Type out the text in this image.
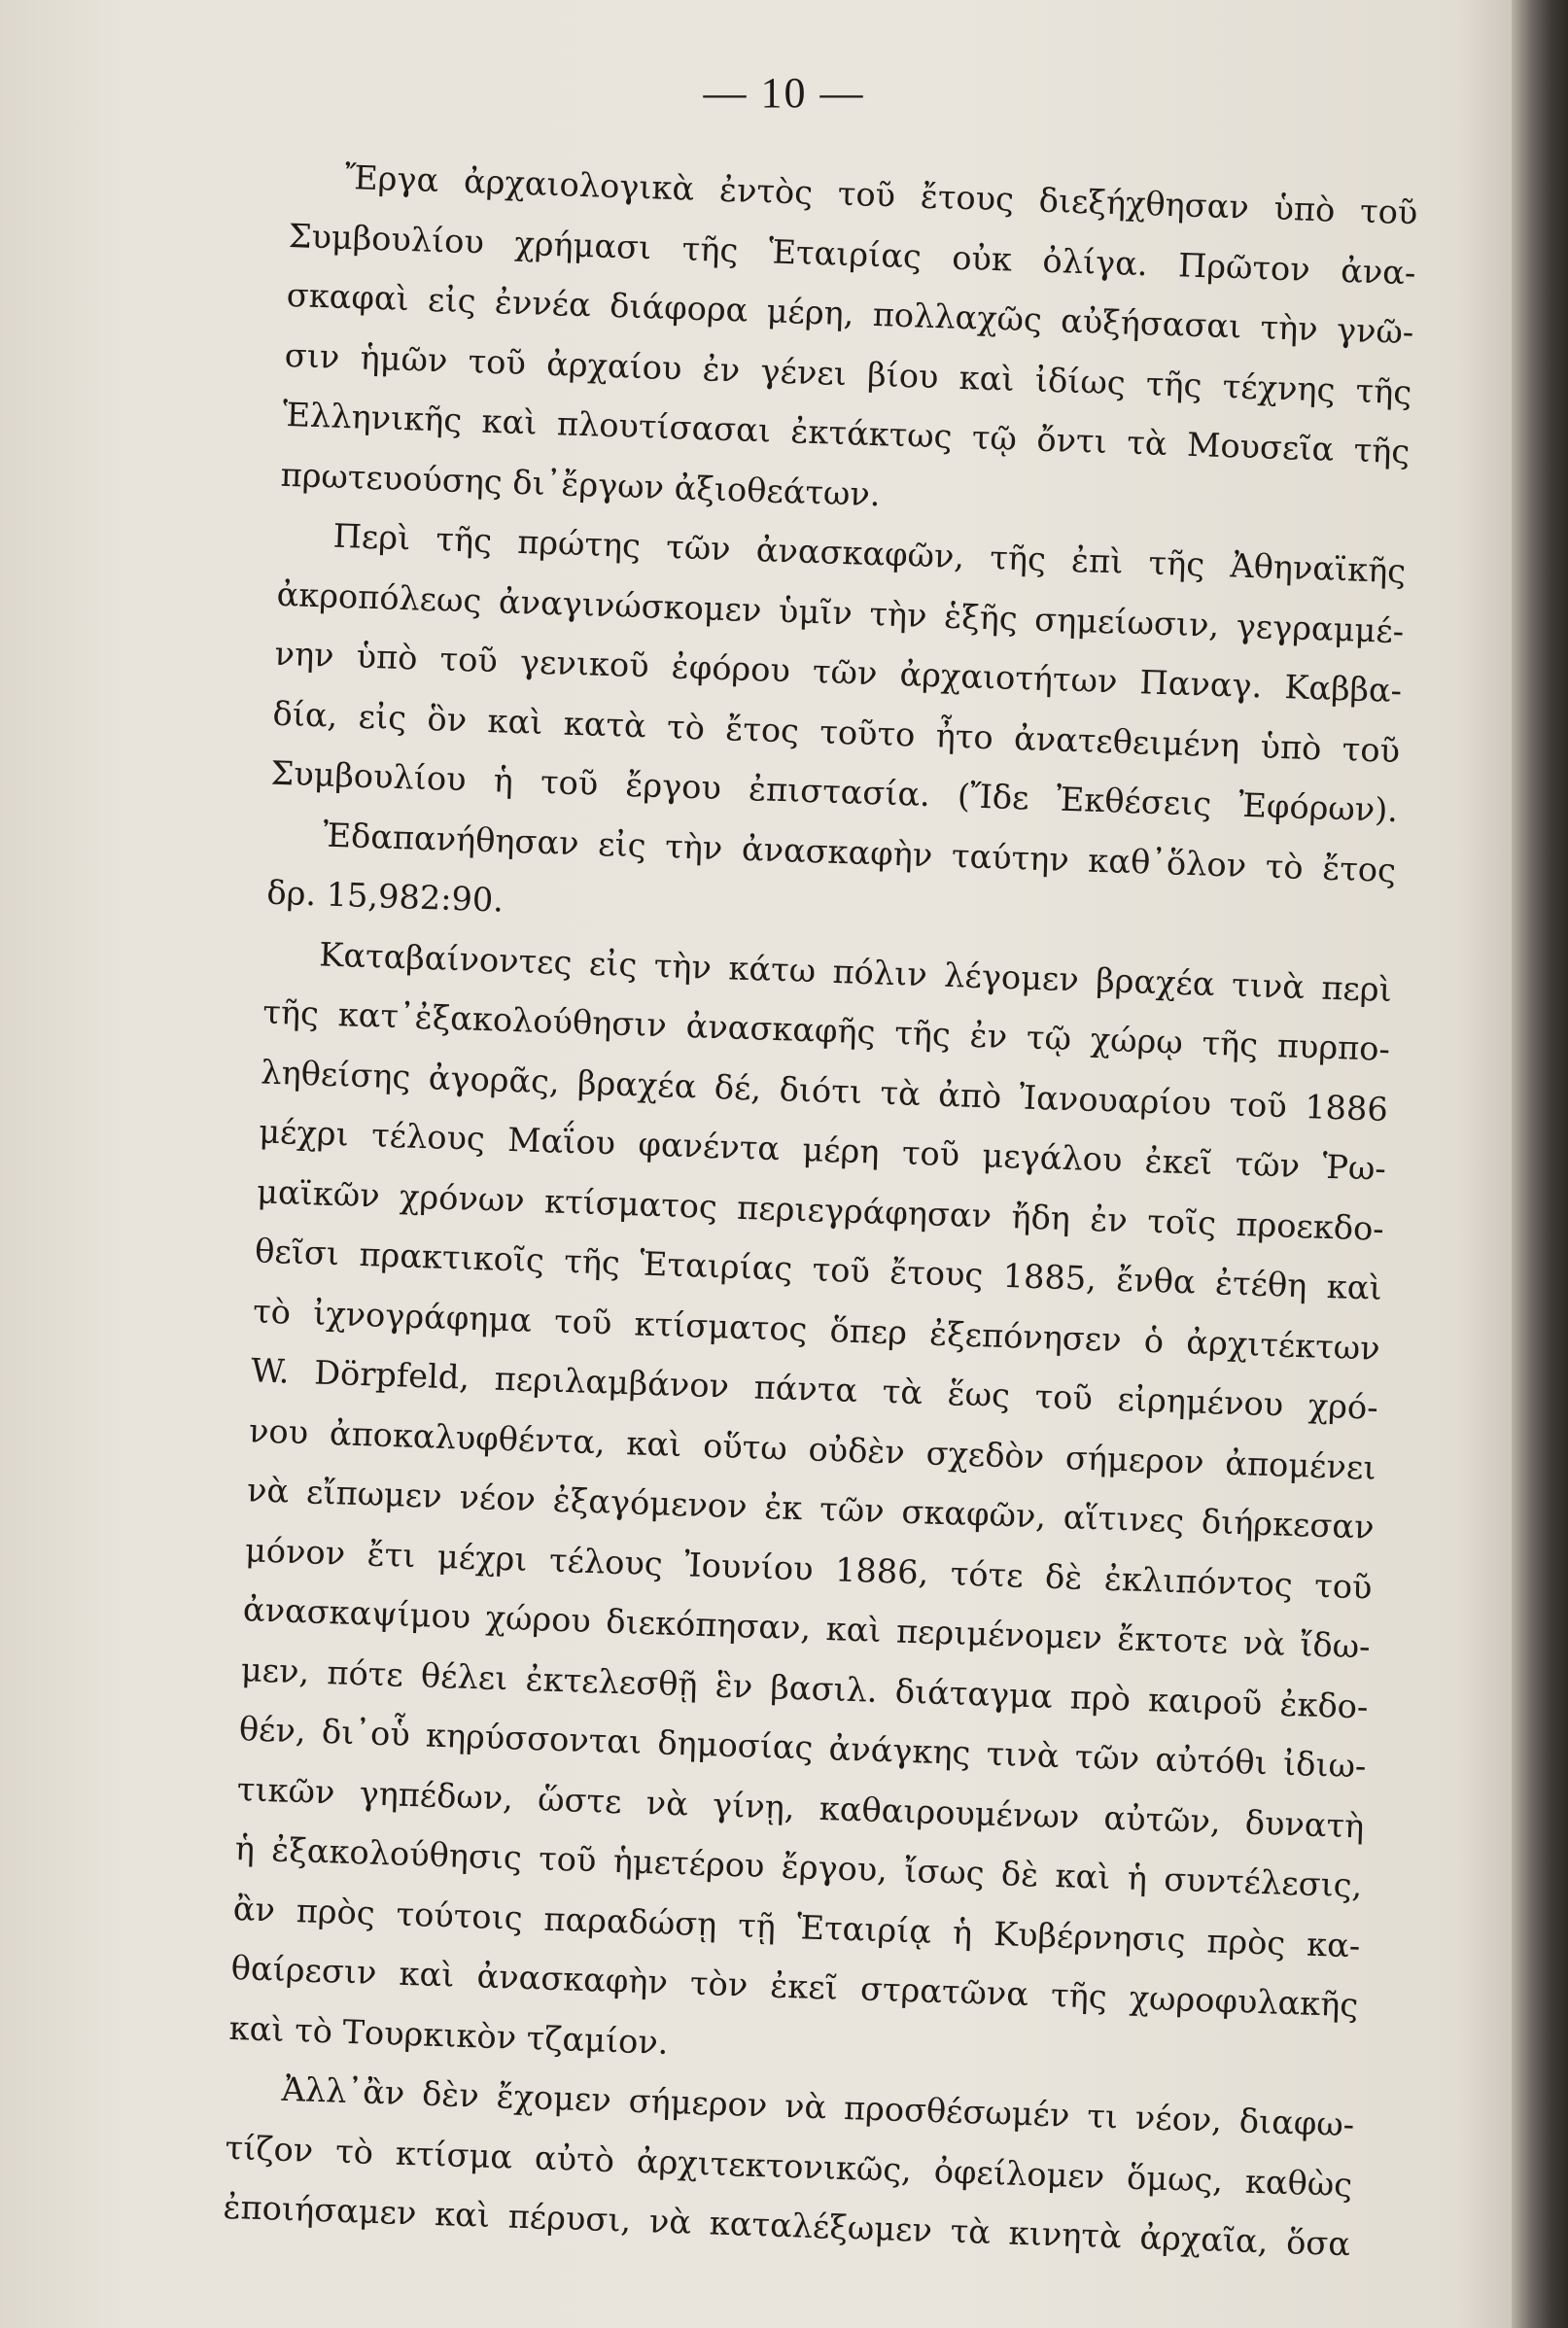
— 10 —
Ἔργα ἀρχαιολογικὰ ἐντὸς τοῦ ἔτους διεξήχθησαν ὑπὸ τοῦ
Συμβουλίου χρήμασι τῆς Ἑταιρίας οὐκ ὀλίγα. Πρῶτον ἀνα-
σκαφαὶ εἰς ἐννέα διάφορα μέρη, πολλαχῶς αὐξήσασαι τὴν γνῶ-
σιν ἡμῶν τοῦ ἀρχαίου ἐν γένει βίου καὶ ἰδίως τῆς τέχνης τῆς
Ἑλληνικῆς καὶ πλουτίσασαι ἐκτάκτως τῷ ὄντι τὰ Μουσεῖα τῆς
πρωτευούσης δι᾽ἔργων ἀξιοθεάτων.
Περὶ τῆς πρώτης τῶν ἀνασκαφῶν, τῆς ἐπὶ τῆς Ἀθηναϊκῆς
ἀκροπόλεως ἀναγινώσκομεν ὑμῖν τὴν ἑξῆς σημείωσιν, γεγραμμέ-
νην ὑπὸ τοῦ γενικοῦ ἐφόρου τῶν ἀρχαιοτήτων Παναγ. Καββα-
δία, εἰς ὃν καὶ κατὰ τὸ ἔτος τοῦτο ἦτο ἀνατεθειμένη ὑπὸ τοῦ
Συμβουλίου ἡ τοῦ ἔργου ἐπιστασία. (Ἴδε Ἐκθέσεις Ἐφόρων).
Ἐδαπανήθησαν εἰς τὴν ἀνασκαφὴν ταύτην καθ᾽ὅλον τὸ ἔτος
δρ. 15,982:90.
Καταβαίνοντες εἰς τὴν κάτω πόλιν λέγομεν βραχέα τινὰ περὶ
τῆς κατ᾽ἐξακολούθησιν ἀνασκαφῆς τῆς ἐν τῷ χώρῳ τῆς πυρπο-
ληθείσης ἀγορᾶς, βραχέα δέ, διότι τὰ ἀπὸ Ἰανουαρίου τοῦ 1886
μέχρι τέλους Μαΐου φανέντα μέρη τοῦ μεγάλου ἐκεῖ τῶν Ῥω-
μαϊκῶν χρόνων κτίσματος περιεγράφησαν ἤδη ἐν τοῖς προεκδο-
θεῖσι πρακτικοῖς τῆς Ἑταιρίας τοῦ ἔτους 1885, ἔνθα ἐτέθη καὶ
τὸ ἰχνογράφημα τοῦ κτίσματος ὅπερ ἐξεπόνησεν ὁ ἀρχιτέκτων
W. Dörpfeld, περιλαμβάνον πάντα τὰ ἕως τοῦ εἰρημένου χρό-
νου ἀποκαλυφθέντα, καὶ οὕτω οὐδὲν σχεδὸν σήμερον ἀπομένει
νὰ εἴπωμεν νέον ἐξαγόμενον ἐκ τῶν σκαφῶν, αἵτινες διήρκεσαν
μόνον ἔτι μέχρι τέλους Ἰουνίου 1886, τότε δὲ ἐκλιπόντος τοῦ
ἀνασκαψίμου χώρου διεκόπησαν, καὶ περιμένομεν ἔκτοτε νὰ ἴδω-
μεν, πότε θέλει ἐκτελεσθῇ ἓν βασιλ. διάταγμα πρὸ καιροῦ ἐκδο-
θέν, δι᾽οὗ κηρύσσονται δημοσίας ἀνάγκης τινὰ τῶν αὐτόθι ἰδιω-
τικῶν γηπέδων, ὥστε νὰ γίνῃ, καθαιρουμένων αὐτῶν, δυνατὴ
ἡ ἐξακολούθησις τοῦ ἡμετέρου ἔργου, ἴσως δὲ καὶ ἡ συντέλεσις,
ἂν πρὸς τούτοις παραδώσῃ τῇ Ἑταιρίᾳ ἡ Κυβέρνησις πρὸς κα-
θαίρεσιν καὶ ἀνασκαφὴν τὸν ἐκεῖ στρατῶνα τῆς χωροφυλακῆς
καὶ τὸ Τουρκικὸν τζαμίον.
Ἀλλ᾽ἂν δὲν ἔχομεν σήμερον νὰ προσθέσωμέν τι νέον, διαφω-
τίζον τὸ κτίσμα αὐτὸ ἀρχιτεκτονικῶς, ὀφείλομεν ὅμως, καθὼς
ἐποιήσαμεν καὶ πέρυσι, νὰ καταλέξωμεν τὰ κινητὰ ἀρχαῖα, ὅσα
